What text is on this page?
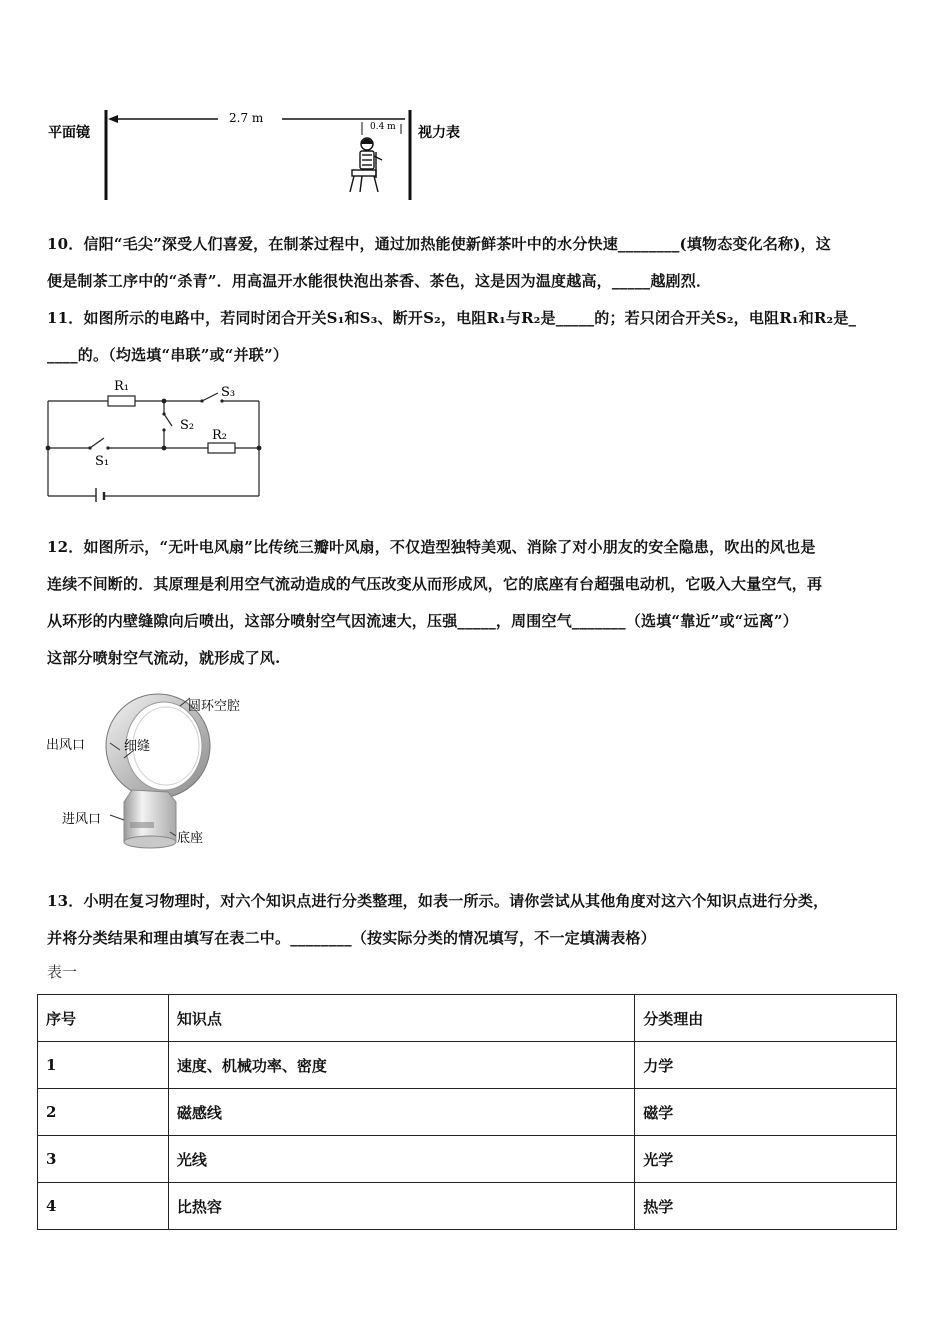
平面镜
2.7 m
0.4 m 视力表

10．信阳“毛尖”深受人们喜爱，在制茶过程中，通过加热能使新鲜茶叶中的水分快速________(填物态变化名称)，这

便是制茶工序中的“杀青”．用高温开水能很快泡出茶香、茶色，这是因为温度越高，_____越剧烈．

11．如图所示的电路中，若同时闭合开关S₁和S₃、断开S₂，电阻R₁与R₂是_____的；若只闭合开关S₂，电阻R₁和R₂是_

____的。（均选填“串联”或“并联”）

R₁	S₃
S₂
R₂
S₁

12．如图所示，“无叶电风扇”比传统三瓣叶风扇，不仅造型独特美观、消除了对小朋友的安全隐患，吹出的风也是

连续不间断的．其原理是利用空气流动造成的气压改变从而形成风，它的底座有台超强电动机，它吸入大量空气，再

从环形的内壁缝隙向后喷出，这部分喷射空气因流速大，压强_____，周围空气_______（选填“靠近”或“远离”）

这部分喷射空气流动，就形成了风.

圆环空腔
出风口	细缝
进风口
底座

13．小明在复习物理时，对六个知识点进行分类整理，如表一所示。请你尝试从其他角度对这六个知识点进行分类，

并将分类结果和理由填写在表二中。________（按实际分类的情况填写，不一定填满表格）

表一
序号	知识点	分类理由
1	速度、机械功率、密度	力学
2	磁感线	磁学
3	光线	光学
4	比热容	热学
